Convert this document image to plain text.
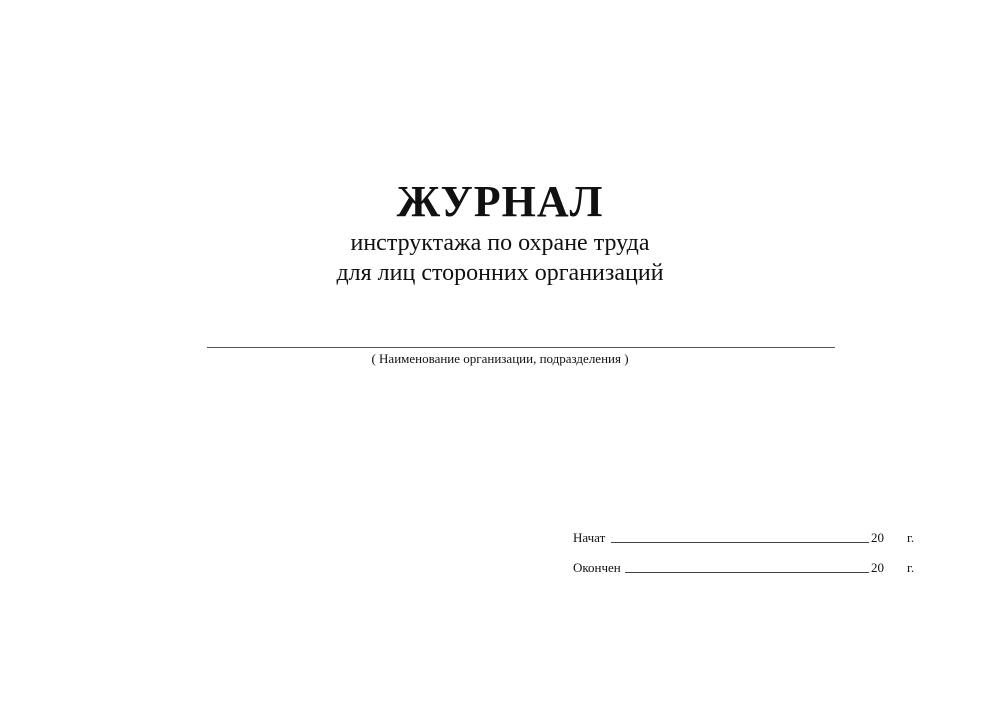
ЖУРНАЛ
инструктажа по охране труда
для лиц сторонних организаций
( Наименование организации, подразделения )
Начат	20 г.
Окончен	20 г.
